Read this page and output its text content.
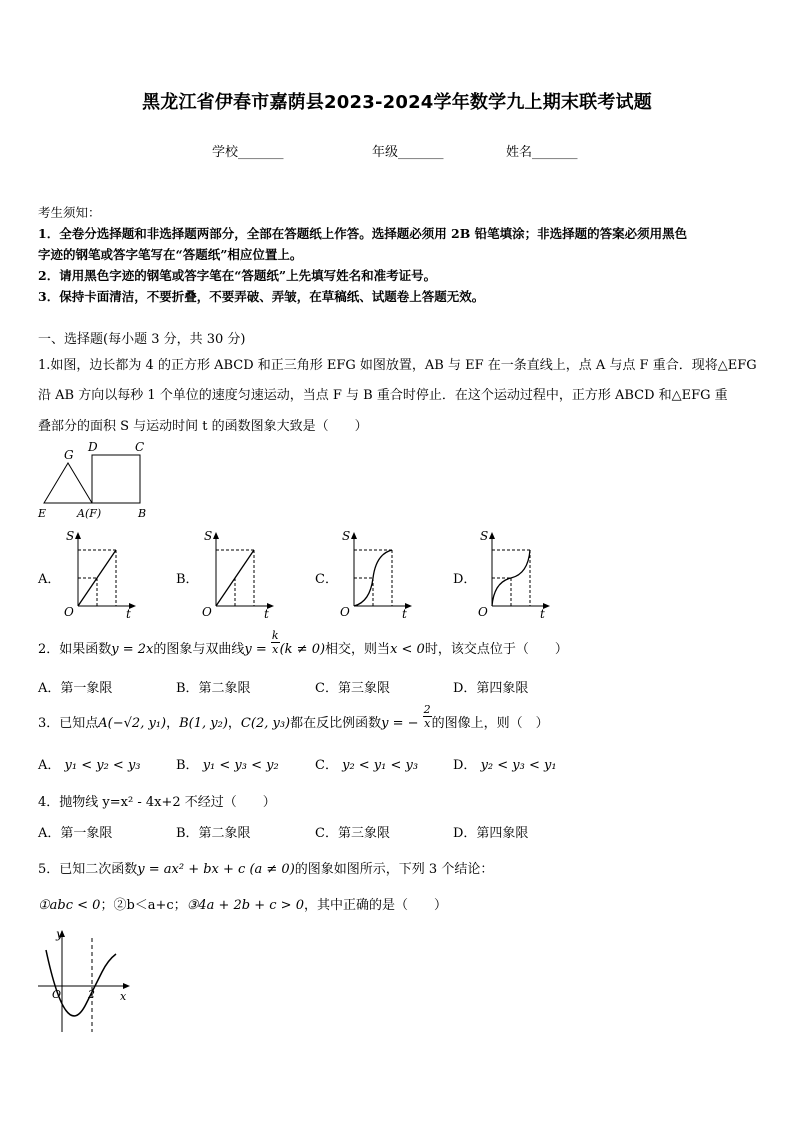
黑龙江省伊春市嘉荫县2023-2024学年数学九上期末联考试题
学校_______	年级_______	姓名_______
考生须知：
1．全卷分选择题和非选择题两部分，全部在答题纸上作答。选择题必须用 2B 铅笔填涂；非选择题的答案必须用黑色
字迹的钢笔或答字笔写在“答题纸”相应位置上。
2．请用黑色字迹的钢笔或答字笔在“答题纸”上先填写姓名和准考证号。
3．保持卡面清洁，不要折叠，不要弄破、弄皱，在草稿纸、试题卷上答题无效。
一、选择题(每小题 3 分，共 30 分)
1.如图，边长都为 4 的正方形 ABCD 和正三角形 EFG 如图放置，AB 与 EF 在一条直线上，点 A 与点 F 重合．现将△EFG
沿 AB 方向以每秒 1 个单位的速度匀速运动，当点 F 与 B 重合时停止．在这个运动过程中，正方形 ABCD 和△EFG 重
叠部分的面积 S 与运动时间 t 的函数图象大致是（　　）
G
D	C
E	A(F)	B
A．	B．	C．	D．
S
t
O
S
t
O
S
t
O
S
t
O
2．如果函数y = 2x的图象与双曲线$y = \frac{k}{x} (k \ne 0)$相交，则当x < 0时，该交点位于（　　）
A．第一象限	B．第二象限	C．第三象限	D．第四象限
3．已知点A(−√2, y₁)，B(1, y₂)，C(2, y₃)都在反比例函数y = − $\frac{2}{x}$ 的图像上，则（　）
A． y₁ < y₂ < y₃	B． y₁ < y₃ < y₂	C． y₂ < y₁ < y₃	D． y₂ < y₃ < y₁
4．抛物线 y=x² - 4x+2 不经过（　　）
A．第一象限	B．第二象限	C．第三象限	D．第四象限
5．已知二次函数y = ax² + bx + c (a ≠ 0)的图象如图所示，下列 3 个结论：
①abc < 0；②b＜a+c；③4a + 2b + c > 0，其中正确的是（　　）
y
x
O 2
